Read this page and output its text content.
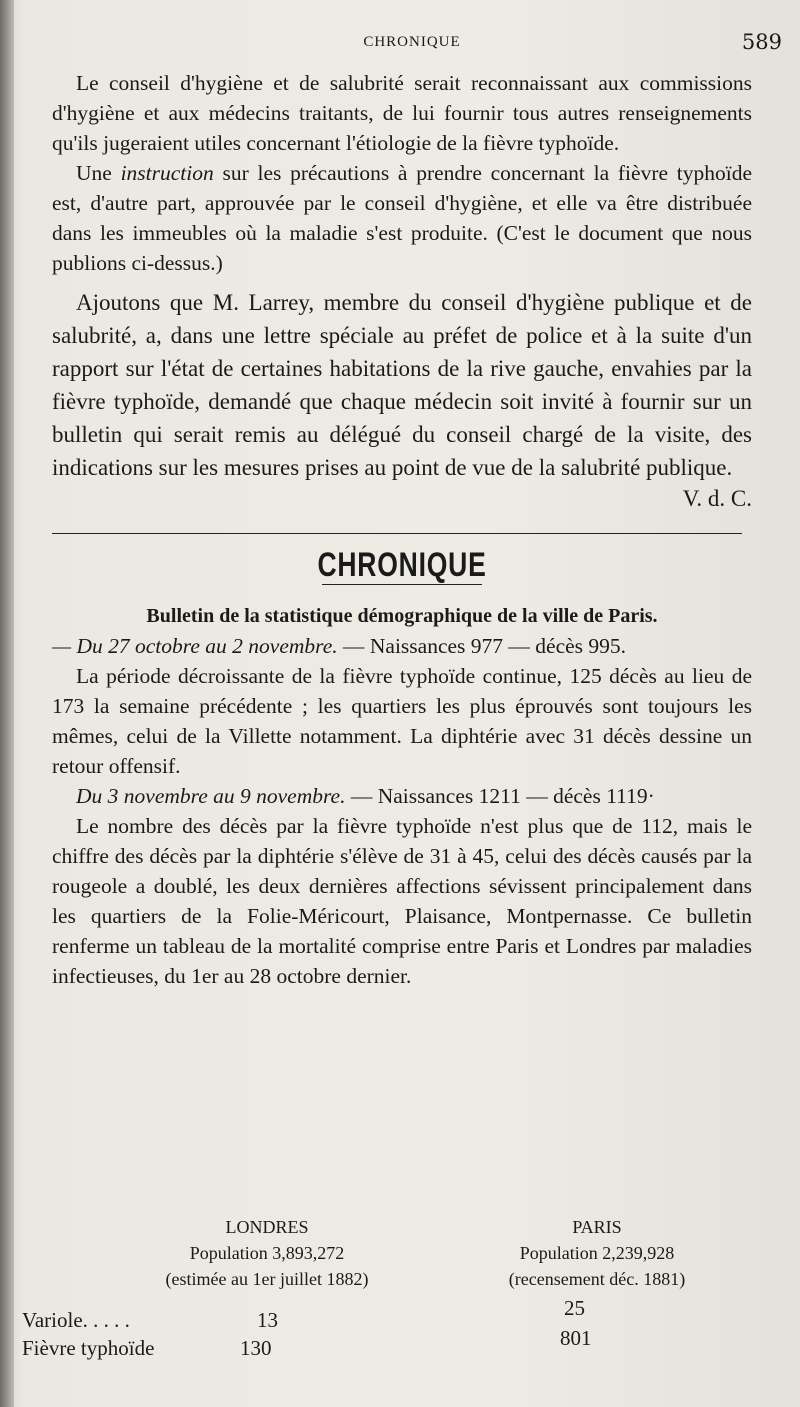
CHRONIQUE	589

Le conseil d'hygiène et de salubrité serait reconnaissant aux commissions d'hygiène et aux médecins traitants, de lui fournir tous autres renseignements qu'ils jugeraient utiles concernant l'étiologie de la fièvre typhoïde.

Une instruction sur les précautions à prendre concernant la fièvre typhoïde est, d'autre part, approuvée par le conseil d'hygiène, et elle va être distribuée dans les immeubles où la maladie s'est produite. (C'est le document que nous publions ci-dessus.)

Ajoutons que M. Larrey, membre du conseil d'hygiène publique et de salubrité, a, dans une lettre spéciale au préfet de police et à la suite d'un rapport sur l'état de certaines habitations de la rive gauche, envahies par la fièvre typhoïde, demandé que chaque médecin soit invité à fournir sur un bulletin qui serait remis au délégué du conseil chargé de la visite, des indications sur les mesures prises au point de vue de la salubrité publique.

V. d. C.

CHRONIQUE

Bulletin de la statistique démographique de la ville de Paris.

— Du 27 octobre au 2 novembre. — Naissances 977 — décès 995.

La période décroissante de la fièvre typhoïde continue, 125 décès au lieu de 173 la semaine précédente ; les quartiers les plus éprouvés sont toujours les mêmes, celui de la Villette notamment. La diphtérie avec 31 décès dessine un retour offensif.

Du 3 novembre au 9 novembre. — Naissances 1211 — décès 1119·

Le nombre des décès par la fièvre typhoïde n'est plus que de 112, mais le chiffre des décès par la diphtérie s'élève de 31 à 45, celui des décès causés par la rougeole a doublé, les deux dernières affections sévissent principalement dans les quartiers de la Folie-Méricourt, Plaisance, Montpernasse. Ce bulletin renferme un tableau de la mortalité comprise entre Paris et Londres par maladies infectieuses, du 1er au 28 octobre dernier.

LONDRES
Population 3,893,272
(estimée au 1er juillet 1882)
PARIS
Population 2,239,928
(recensement déc. 1881)
Variole. . . . .	13	25
Fièvre typhoïde	130	801
